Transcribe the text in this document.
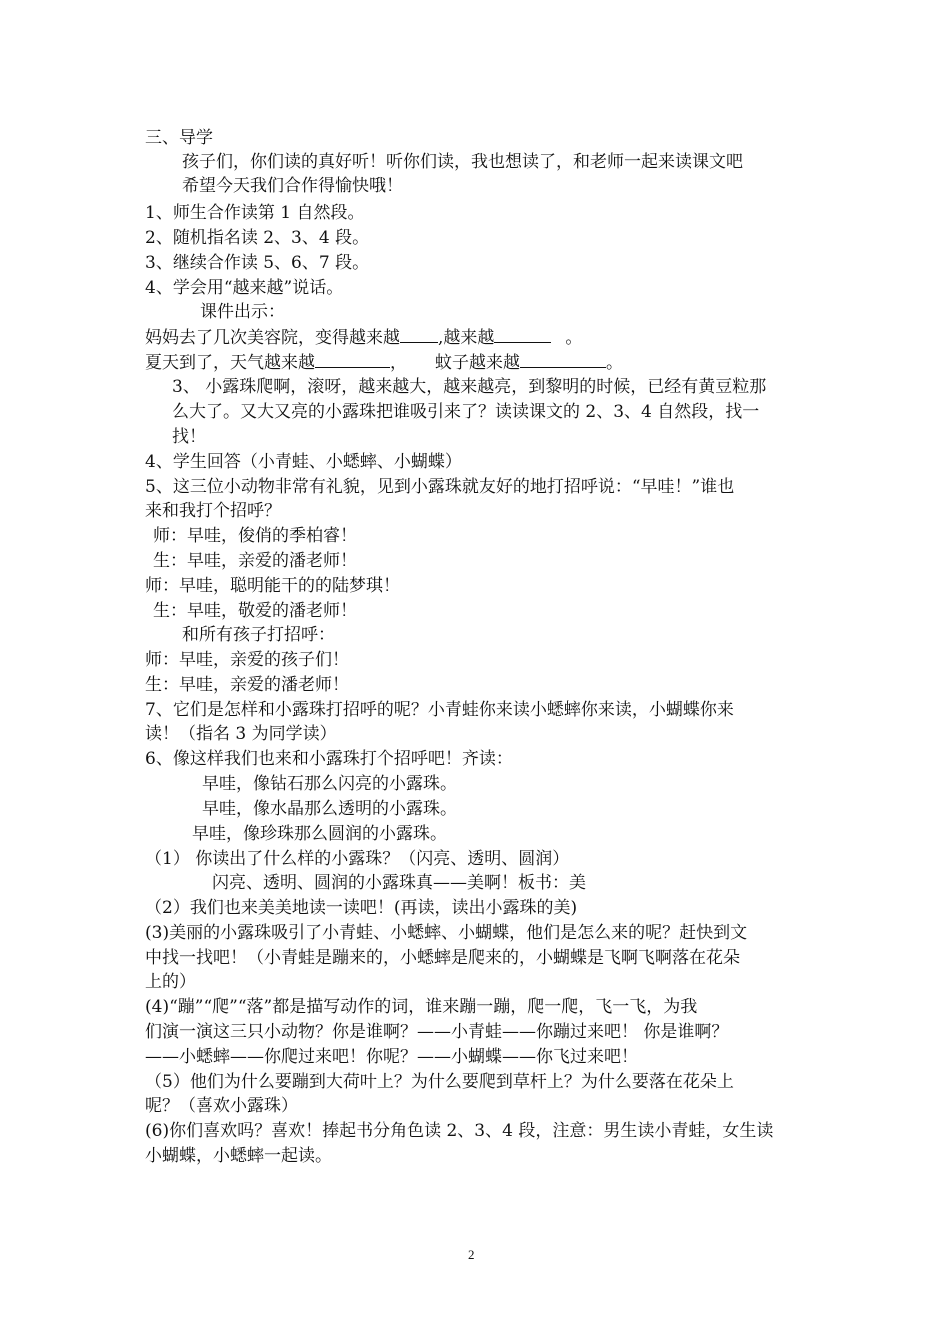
三、导学
孩子们，你们读的真好听！听你们读，我也想读了，和老师一起来读课文吧
希望今天我们合作得愉快哦！
1、师生合作读第 1 自然段。
2、随机指名读 2、3、4 段。
3、继续合作读 5、6、7 段。
4、学会用“越来越”说话。
课件出示：
妈妈去了几次美容院，变得越来越 ,越来越	。
夏天到了，天气越来越	， 蚊子越来越	。
3、 小露珠爬啊，滚呀，越来越大，越来越亮，到黎明的时候，已经有黄豆粒那
么大了。又大又亮的小露珠把谁吸引来了？读读课文的 2、3、4 自然段，找一
找！
4、学生回答（小青蛙、小蟋蟀、小蝴蝶）
5、这三位小动物非常有礼貌，见到小露珠就友好的地打招呼说：“早哇！”谁也
来和我打个招呼？
师：早哇，俊俏的季柏睿！
生：早哇，亲爱的潘老师！
师：早哇，聪明能干的的陆梦琪！
生：早哇，敬爱的潘老师！
和所有孩子打招呼：
师：早哇，亲爱的孩子们！
生：早哇，亲爱的潘老师！
7、它们是怎样和小露珠打招呼的呢？小青蛙你来读小蟋蟀你来读，小蝴蝶你来
读！（指名 3 为同学读）
6、像这样我们也来和小露珠打个招呼吧！齐读：
早哇，像钻石那么闪亮的小露珠。
早哇，像水晶那么透明的小露珠。
早哇，像珍珠那么圆润的小露珠。
（1） 你读出了什么样的小露珠？（闪亮、透明、圆润）
闪亮、透明、圆润的小露珠真——美啊！板书：美
（2）我们也来美美地读一读吧！(再读，读出小露珠的美)
(3)美丽的小露珠吸引了小青蛙、小蟋蟀、小蝴蝶，他们是怎么来的呢？赶快到文
中找一找吧！（小青蛙是蹦来的，小蟋蟀是爬来的，小蝴蝶是飞啊飞啊落在花朵
上的）
(4)“蹦”“爬”“落”都是描写动作的词，谁来蹦一蹦，爬一爬，飞一飞，为我
们演一演这三只小动物？你是谁啊？——小青蛙——你蹦过来吧！ 你是谁啊？
——小蟋蟀——你爬过来吧！你呢？——小蝴蝶——你飞过来吧！
（5）他们为什么要蹦到大荷叶上？为什么要爬到草杆上？为什么要落在花朵上
呢？（喜欢小露珠）
(6)你们喜欢吗？喜欢！捧起书分角色读 2、3、4 段，注意：男生读小青蛙，女生读
小蝴蝶，小蟋蟀一起读。
2
